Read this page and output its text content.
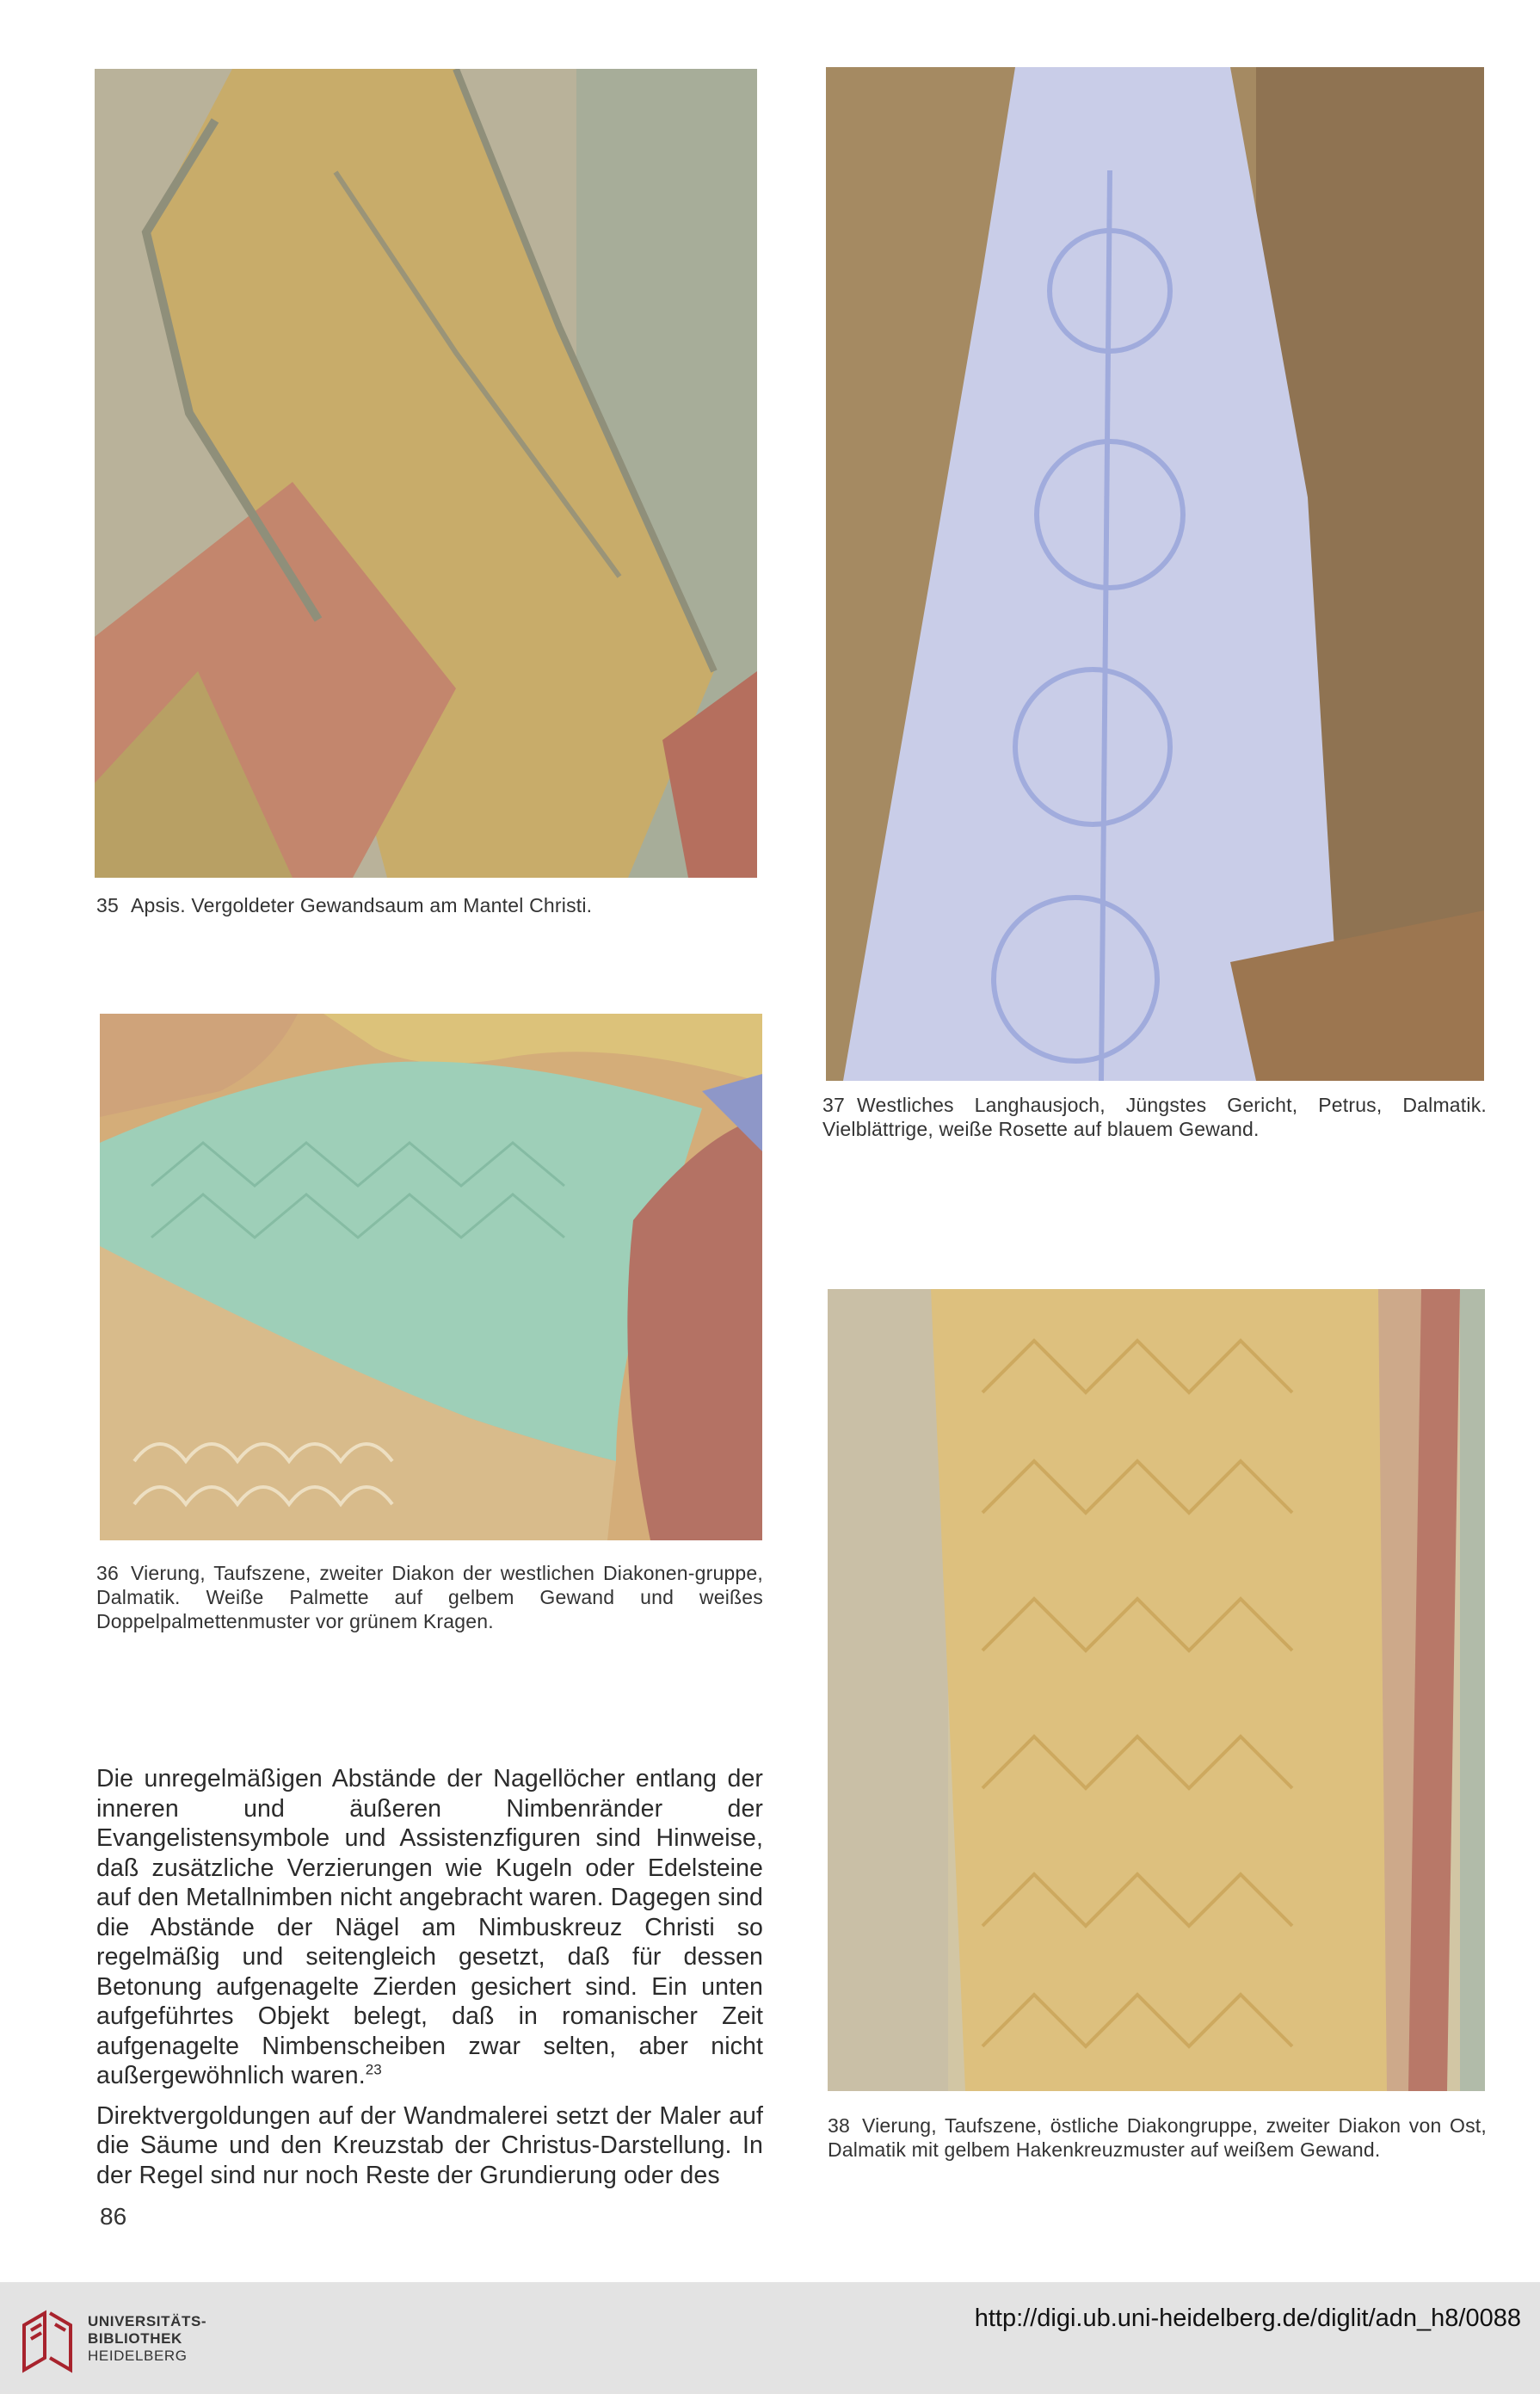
35 Apsis. Vergoldeter Gewandsaum am Mantel Christi.
36 Vierung, Taufszene, zweiter Diakon der westlichen Diakonen-gruppe, Dalmatik. Weiße Palmette auf gelbem Gewand und weißes Doppelpalmettenmuster vor grünem Kragen.

Die unregelmäßigen Abstände der Nagellöcher entlang der inneren und äußeren Nimbenränder der Evangelistensymbole und Assistenzfiguren sind Hinweise, daß zusätzliche Verzierungen wie Kugeln oder Edelsteine auf den Metallnimben nicht angebracht waren. Dagegen sind die Abstände der Nägel am Nimbuskreuz Christi so regelmäßig und seitengleich gesetzt, daß für dessen Betonung aufgenagelte Zierden gesichert sind. Ein unten aufgeführtes Objekt belegt, daß in romanischer Zeit aufgenagelte Nimbenscheiben zwar selten, aber nicht außergewöhnlich waren.$^{23}$

Direktvergoldungen auf der Wandmalerei setzt der Maler auf die Säume und den Kreuzstab der Christus-Darstellung. In der Regel sind nur noch Reste der Grundierung oder des

37 Westliches Langhausjoch, Jüngstes Gericht, Petrus, Dalmatik. Vielblättrige, weiße Rosette auf blauem Gewand.
38 Vierung, Taufszene, östliche Diakongruppe, zweiter Diakon von Ost, Dalmatik mit gelbem Hakenkreuzmuster auf weißem Gewand.
86
UNIVERSITÄTS-
BIBLIOTHEK
HEIDELBERG
http://digi.ub.uni-heidelberg.de/diglit/adn_h8/0088
